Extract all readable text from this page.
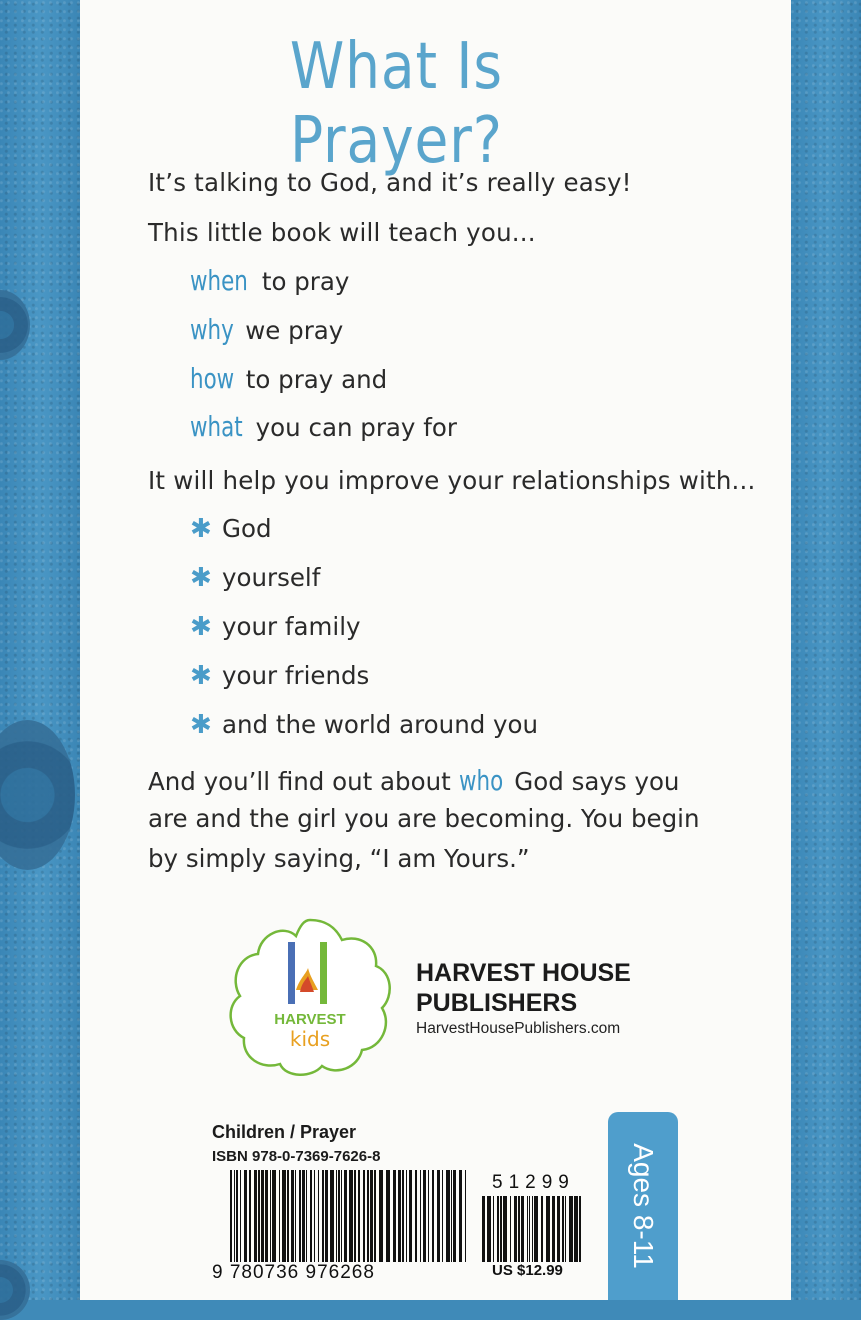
What Is Prayer?
It’s talking to God, and it’s really easy!
This little book will teach you...
when to pray
why we pray
how to pray and
what you can pray for
It will help you improve your relationships with...
✱ God
✱ yourself
✱ your family
✱ your friends
✱ and the world around you
And you’ll find out about who God says you
are and the girl you are becoming. You begin
by simply saying, “I am Yours.”
HARVEST
kids
HARVEST HOUSE
PUBLISHERS
HarvestHousePublishers.com
Children / Prayer
ISBN 978-0-7369-7626-8
9 780736 976268
51299
US $12.99
Ages 8-11
